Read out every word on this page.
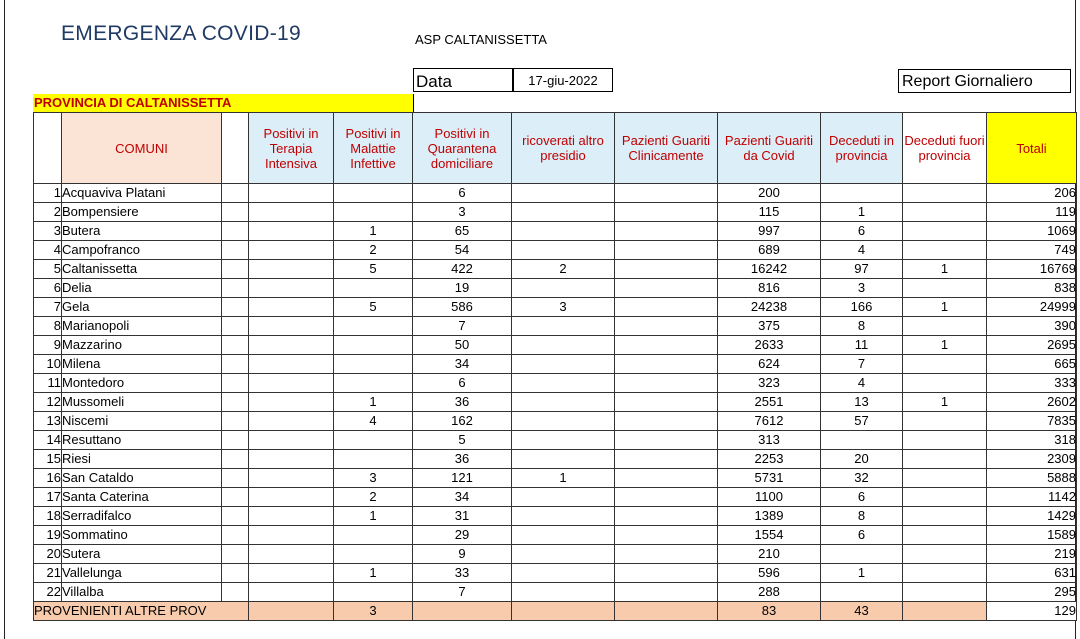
EMERGENZA COVID-19	ASP CALTANISSETTA
Data	17-giu-2022	Report Giornaliero
PROVINCIA DI CALTANISSETTA
	COMUNI		Positivi in Terapia Intensiva	Positivi in Malattie Infettive	Positivi in Quarantena domiciliare	ricoverati altro presidio	Pazienti Guariti Clinicamente	Pazienti Guariti da Covid	Deceduti in provincia	Deceduti fuori provincia	Totali
1	Acquaviva Platani				6			200			206
2	Bompensiere				3			115	1		119
3	Butera			1	65			997	6		1069
4	Campofranco			2	54			689	4		749
5	Caltanissetta			5	422	2		16242	97	1	16769
6	Delia				19			816	3		838
7	Gela			5	586	3		24238	166	1	24999
8	Marianopoli				7			375	8		390
9	Mazzarino				50			2633	11	1	2695
10	Milena				34			624	7		665
11	Montedoro				6			323	4		333
12	Mussomeli			1	36			2551	13	1	2602
13	Niscemi			4	162			7612	57		7835
14	Resuttano				5			313			318
15	Riesi				36			2253	20		2309
16	San Cataldo			3	121	1		5731	32		5888
17	Santa Caterina			2	34			1100	6		1142
18	Serradifalco			1	31			1389	8		1429
19	Sommatino				29			1554	6		1589
20	Sutera				9			210			219
21	Vallelunga			1	33			596	1		631
22	Villalba				7			288			295
PROVENIENTI ALTRE PROV				3				83	43		129
